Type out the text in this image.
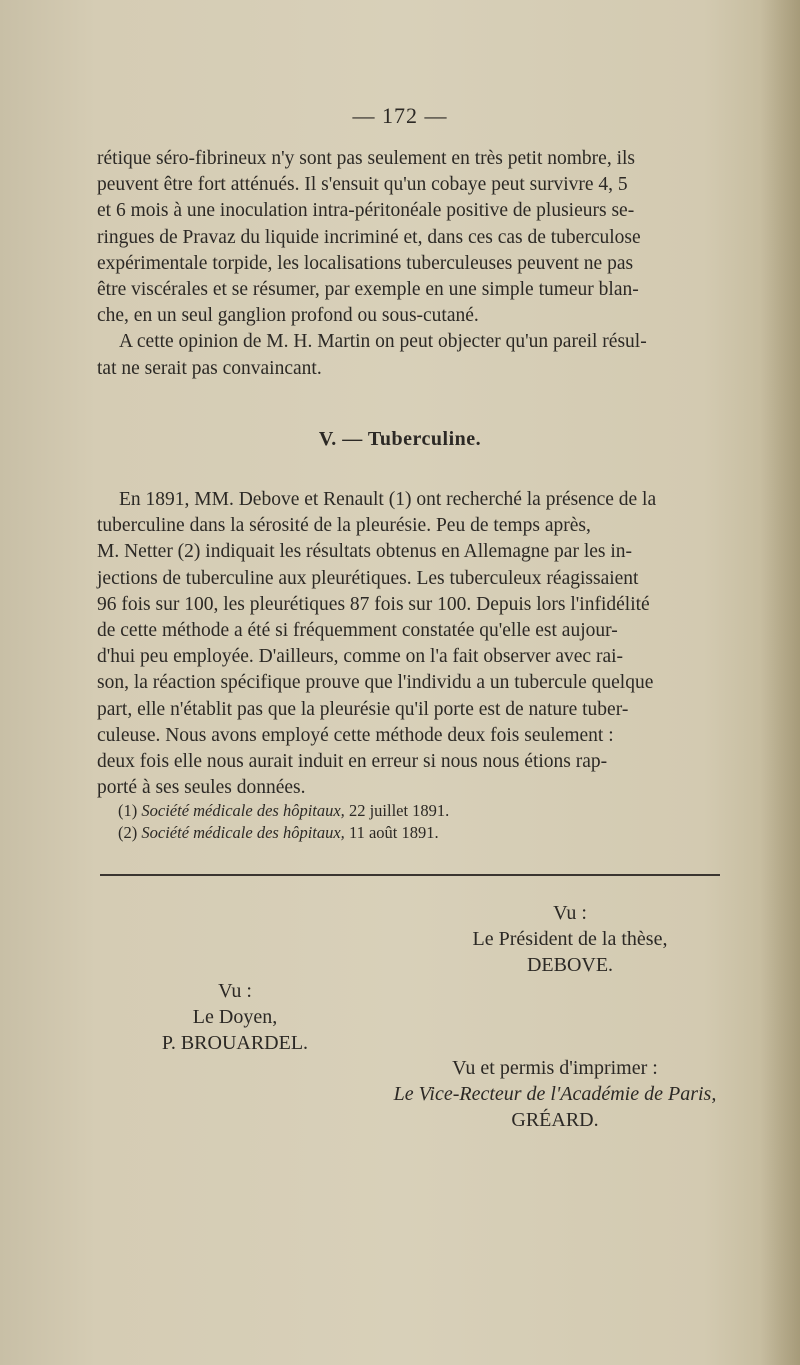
— 172 —

rétique séro-fibrineux n'y sont pas seulement en très petit nombre, ils

peuvent être fort atténués. Il s'ensuit qu'un cobaye peut survivre 4, 5

et 6 mois à une inoculation intra-péritonéale positive de plusieurs se-

ringues de Pravaz du liquide incriminé et, dans ces cas de tuberculose

expérimentale torpide, les localisations tuberculeuses peuvent ne pas

être viscérales et se résumer, par exemple en une simple tumeur blan-

che, en un seul ganglion profond ou sous-cutané.

A cette opinion de M. H. Martin on peut objecter qu'un pareil résul-

tat ne serait pas convaincant.

V. — Tuberculine.

En 1891, MM. Debove et Renault (1) ont recherché la présence de la

tuberculine dans la sérosité de la pleurésie. Peu de temps après,

M. Netter (2) indiquait les résultats obtenus en Allemagne par les in-

jections de tuberculine aux pleurétiques. Les tuberculeux réagissaient

96 fois sur 100, les pleurétiques 87 fois sur 100. Depuis lors l'infidélité

de cette méthode a été si fréquemment constatée qu'elle est aujour-

d'hui peu employée. D'ailleurs, comme on l'a fait observer avec rai-

son, la réaction spécifique prouve que l'individu a un tubercule quelque

part, elle n'établit pas que la pleurésie qu'il porte est de nature tuber-

culeuse. Nous avons employé cette méthode deux fois seulement :

deux fois elle nous aurait induit en erreur si nous nous étions rap-

porté à ses seules données.

(1) Société médicale des hôpitaux, 22 juillet 1891.
(2) Société médicale des hôpitaux, 11 août 1891.
Vu :
Le Président de la thèse,
DEBOVE.
Vu :
Le Doyen,
P. BROUARDEL.
Vu et permis d'imprimer :
Le Vice-Recteur de l'Académie de Paris,
GRÉARD.
